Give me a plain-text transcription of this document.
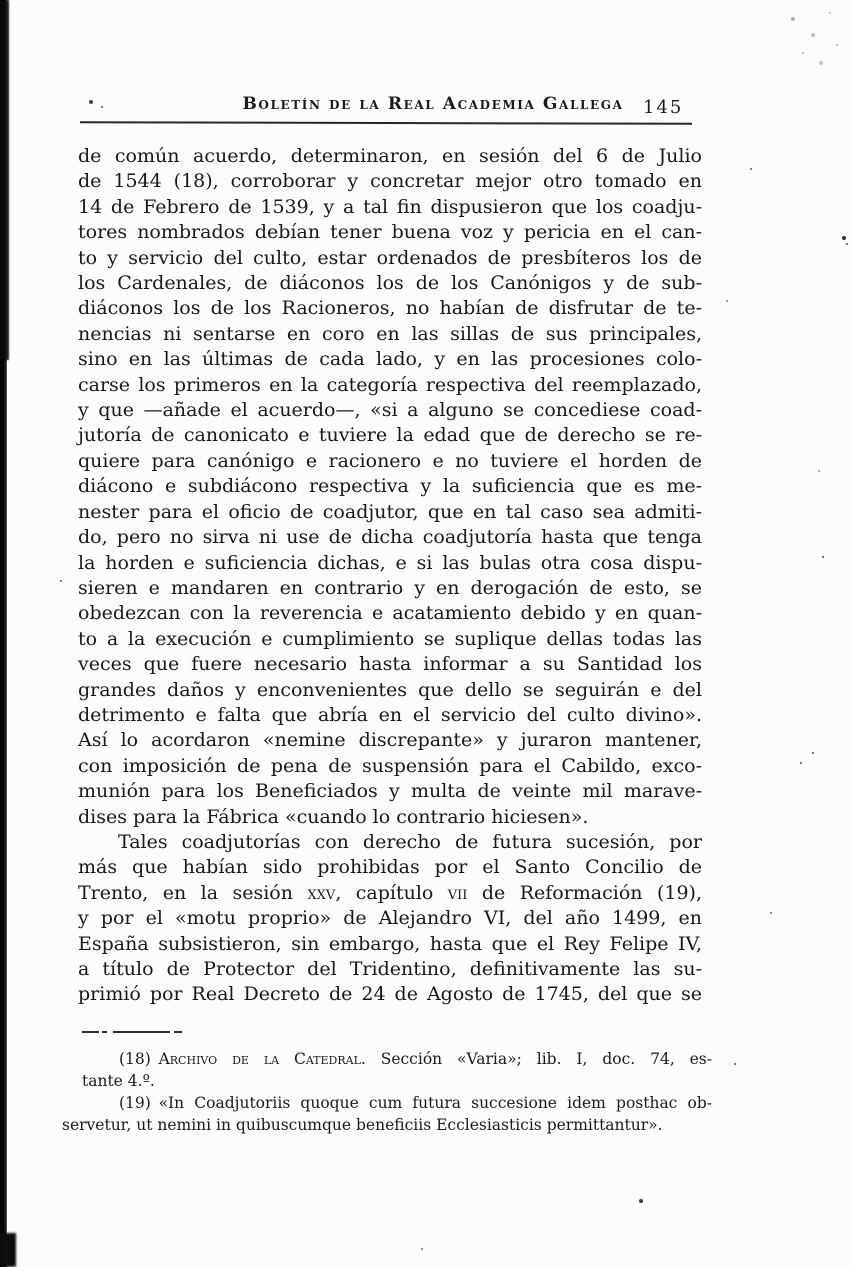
Boletín de la Real Academia Gallega	145
de común acuerdo, determinaron, en sesión del 6 de Julio
de 1544 (18), corroborar y concretar mejor otro tomado en
14 de Febrero de 1539, y a tal fin dispusieron que los coadju-
tores nombrados debían tener buena voz y pericia en el can-
to y servicio del culto, estar ordenados de presbíteros los de
los Cardenales, de diáconos los de los Canónigos y de sub-
diáconos los de los Racioneros, no habían de disfrutar de te-
nencias ni sentarse en coro en las sillas de sus principales,
sino en las últimas de cada lado, y en las procesiones colo-
carse los primeros en la categoría respectiva del reemplazado,
y que —añade el acuerdo—, «si a alguno se concediese coad-
jutoría de canonicato e tuviere la edad que de derecho se re-
quiere para canónigo e racionero e no tuviere el horden de
diácono e subdiácono respectiva y la suficiencia que es me-
nester para el oficio de coadjutor, que en tal caso sea admiti-
do, pero no sirva ni use de dicha coadjutoría hasta que tenga
la horden e suficiencia dichas, e si las bulas otra cosa dispu-
sieren e mandaren en contrario y en derogación de esto, se
obedezcan con la reverencia e acatamiento debido y en quan-
to a la execución e cumplimiento se suplique dellas todas las
veces que fuere necesario hasta informar a su Santidad los
grandes daños y enconvenientes que dello se seguirán e del
detrimento e falta que abría en el servicio del culto divino».
Así lo acordaron «nemine discrepante» y juraron mantener,
con imposición de pena de suspensión para el Cabildo, exco-
munión para los Beneficiados y multa de veinte mil marave-
dises para la Fábrica «cuando lo contrario hiciesen».
Tales coadjutorías con derecho de futura sucesión, por
más que habían sido prohibidas por el Santo Concilio de
Trento, en la sesión xxv, capítulo vii de Reformación (19),
y por el «motu proprio» de Alejandro VI, del año 1499, en
España subsistieron, sin embargo, hasta que el Rey Felipe IV,
a título de Protector del Tridentino, definitivamente las su-
primió por Real Decreto de 24 de Agosto de 1745, del que se
(18) Archivo de la Catedral. Sección «Varia»; lib. I, doc. 74, es-
tante 4.º.
(19) «In Coadjutoriis quoque cum futura succesione idem posthac ob-
servetur, ut nemini in quibuscumque beneficiis Ecclesiasticis permittantur».
